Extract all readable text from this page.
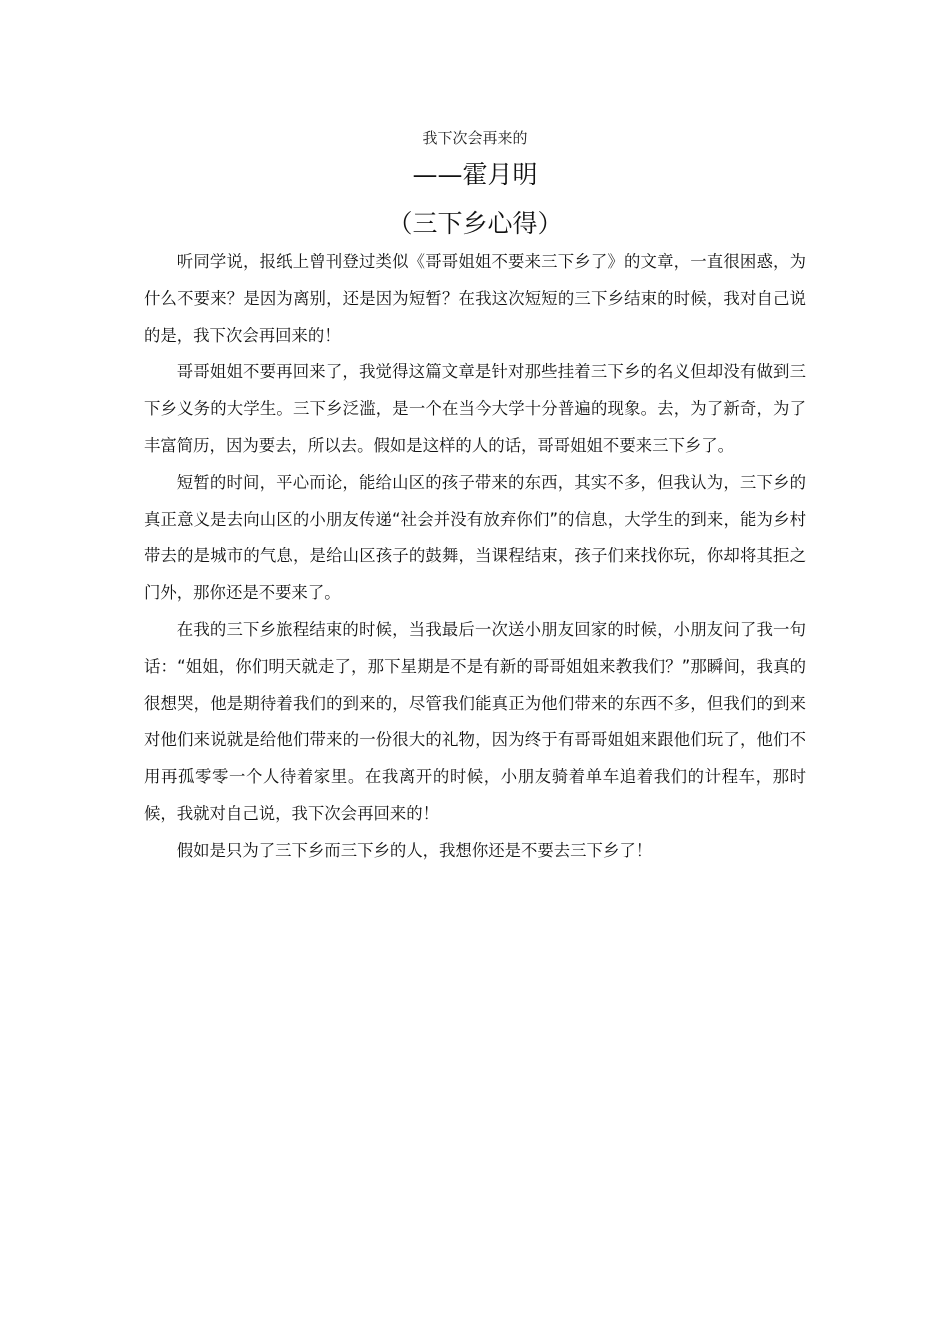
我下次会再来的
——霍月明
（三下乡心得）

听同学说，报纸上曾刊登过类似《哥哥姐姐不要来三下乡了》的文章，一直很困惑，为什么不要来？是因为离别，还是因为短暂？在我这次短短的三下乡结束的时候，我对自己说的是，我下次会再回来的！

哥哥姐姐不要再回来了，我觉得这篇文章是针对那些挂着三下乡的名义但却没有做到三下乡义务的大学生。三下乡泛滥，是一个在当今大学十分普遍的现象。去，为了新奇，为了丰富简历，因为要去，所以去。假如是这样的人的话，哥哥姐姐不要来三下乡了。

短暂的时间，平心而论，能给山区的孩子带来的东西，其实不多，但我认为，三下乡的真正意义是去向山区的小朋友传递“社会并没有放弃你们”的信息，大学生的到来，能为乡村带去的是城市的气息，是给山区孩子的鼓舞，当课程结束，孩子们来找你玩，你却将其拒之门外，那你还是不要来了。

在我的三下乡旅程结束的时候，当我最后一次送小朋友回家的时候，小朋友问了我一句话：“姐姐，你们明天就走了，那下星期是不是有新的哥哥姐姐来教我们？”那瞬间，我真的很想哭，他是期待着我们的到来的，尽管我们能真正为他们带来的东西不多，但我们的到来对他们来说就是给他们带来的一份很大的礼物，因为终于有哥哥姐姐来跟他们玩了，他们不用再孤零零一个人待着家里。在我离开的时候，小朋友骑着单车追着我们的计程车，那时候，我就对自己说，我下次会再回来的！

假如是只为了三下乡而三下乡的人，我想你还是不要去三下乡了！
